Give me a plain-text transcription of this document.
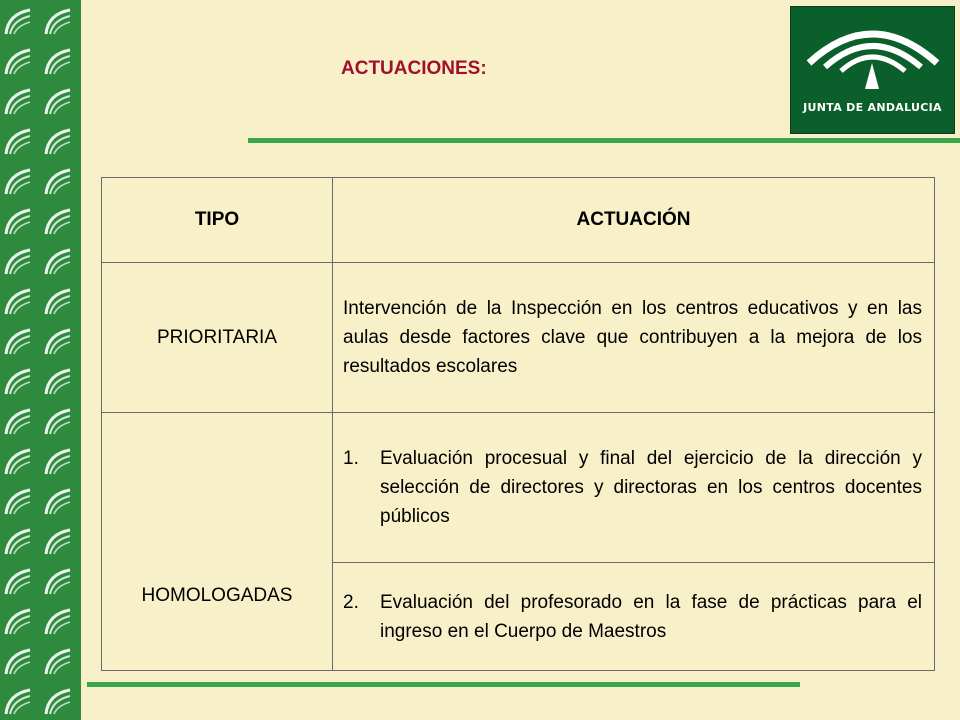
ACTUACIONES:
JUNTA DE ANDALUCIA
TIPO	ACTUACIÓN
PRIORITARIA	Intervención de la Inspección en los centros educativos y en las aulas desde factores clave que contribuyen a la mejora de los resultados escolares
HOMOLOGADAS	1. Evaluación procesual y final del ejercicio de la dirección y selección de directores y directoras en los centros docentes públicos

	2. Evaluación del profesorado en la fase de prácticas para el ingreso en el Cuerpo de Maestros
